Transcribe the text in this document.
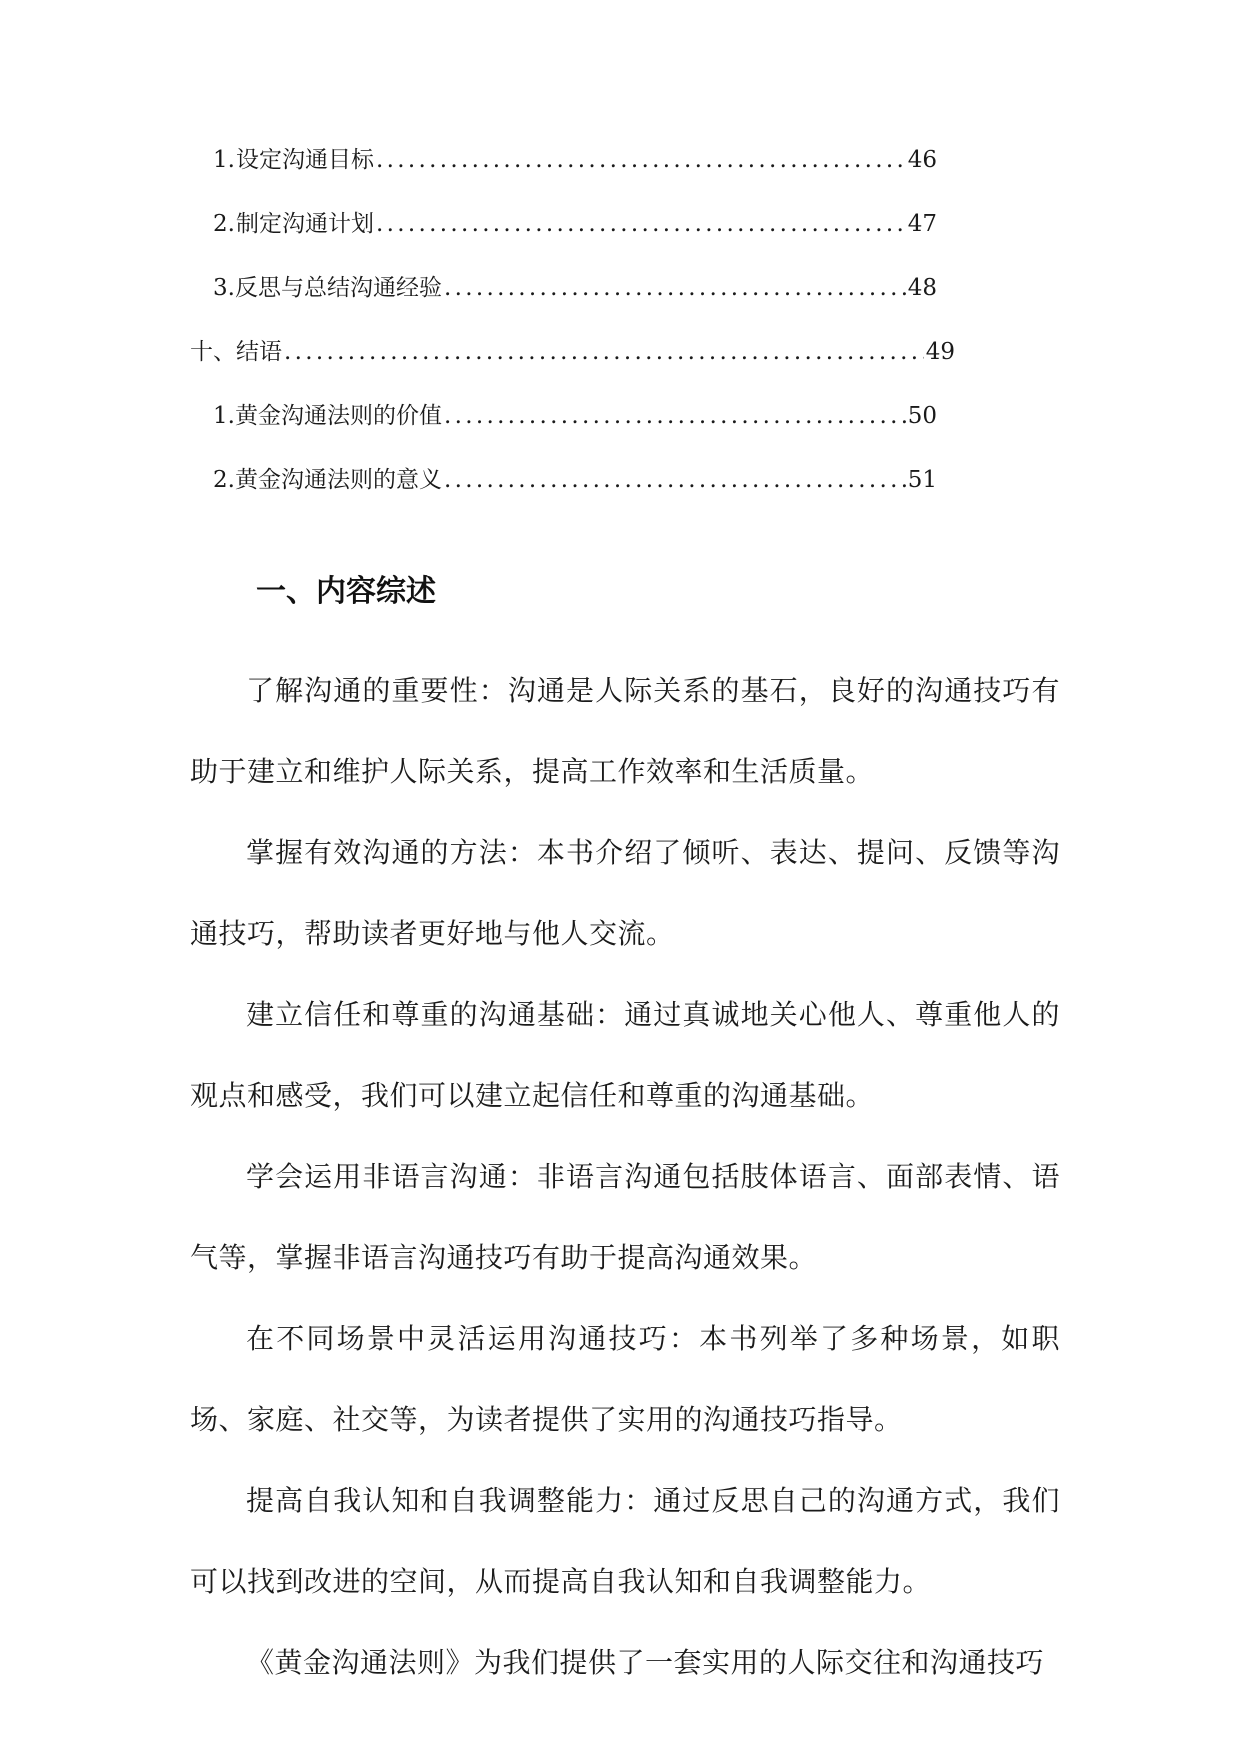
1. 设定沟通目标 . . .	46
2. 制定沟通计划 . . .	47
3. 反思与总结沟通经验 . . .	48
十、结语 . . .	49
1. 黄金沟通法则的价值 . . .	50
2. 黄金沟通法则的意义 . . .	51
一、内容综述

了解沟通的重要性：沟通是人际关系的基石，良好的沟通技巧有助于建立和维护人际关系，提高工作效率和生活质量。

掌握有效沟通的方法：本书介绍了倾听、表达、提问、反馈等沟通技巧，帮助读者更好地与他人交流。

建立信任和尊重的沟通基础：通过真诚地关心他人、尊重他人的观点和感受，我们可以建立起信任和尊重的沟通基础。

学会运用非语言沟通：非语言沟通包括肢体语言、面部表情、语气等，掌握非语言沟通技巧有助于提高沟通效果。

在不同场景中灵活运用沟通技巧：本书列举了多种场景，如职场、家庭、社交等，为读者提供了实用的沟通技巧指导。

提高自我认知和自我调整能力：通过反思自己的沟通方式，我们可以找到改进的空间，从而提高自我认知和自我调整能力。

《黄金沟通法则》为我们提供了一套实用的人际交往和沟通技巧
